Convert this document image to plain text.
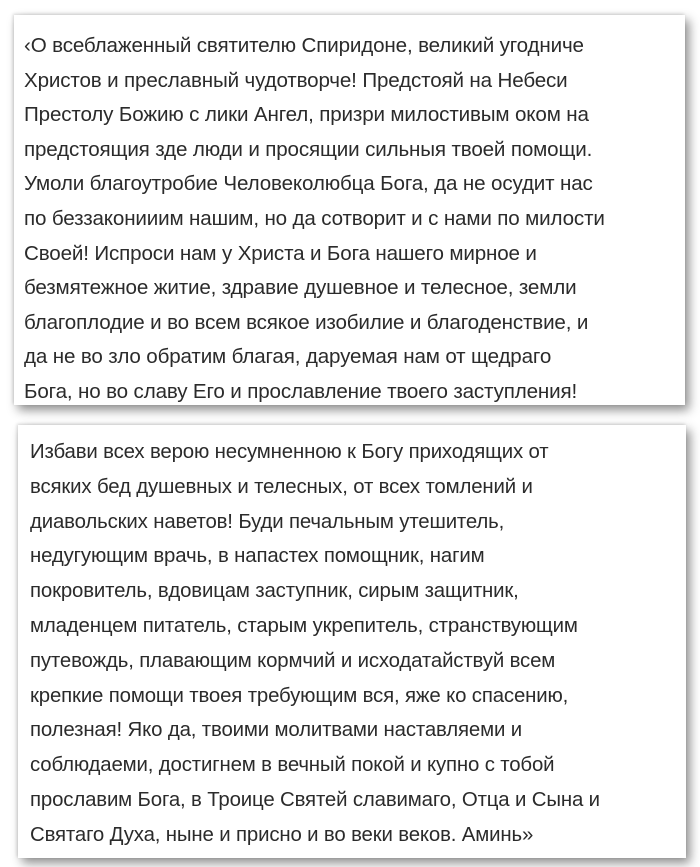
‹О всеблаженный святителю Спиридоне, великий угодниче
Христов и преславный чудотворче! Предстояй на Небеси
Престолу Божию с лики Ангел, призри милостивым оком на
предстоящия зде люди и просящии сильныя твоей помощи.
Умоли благоутробие Человеколюбца Бога, да не осудит нас
по беззаконииим нашим, но да сотворит и с нами по милости
Своей! Испроси нам у Христа и Бога нашего мирное и
безмятежное житие, здравие душевное и телесное, земли
благоплодие и во всем всякое изобилие и благоденствие, и
да не во зло обратим благая, даруемая нам от щедраго
Бога, но во славу Его и прославление твоего заступления!
Избави всех верою несумненною к Богу приходящих от
всяких бед душевных и телесных, от всех томлений и
диавольских наветов! Буди печальным утешитель,
недугующим врачь, в напастех помощник, нагим
покровитель, вдовицам заступник, сирым защитник,
младенцем питатель, старым укрепитель, странствующим
путевождь, плавающим кормчий и исходатайствуй всем
крепкие помощи твоея требующим вся, яже ко спасению,
полезная! Яко да, твоими молитвами наставляеми и
соблюдаеми, достигнем в вечный покой и купно с тобой
прославим Бога, в Троице Святей славимаго, Отца и Сына и
Святаго Духа, ныне и присно и во веки веков. Аминь»
